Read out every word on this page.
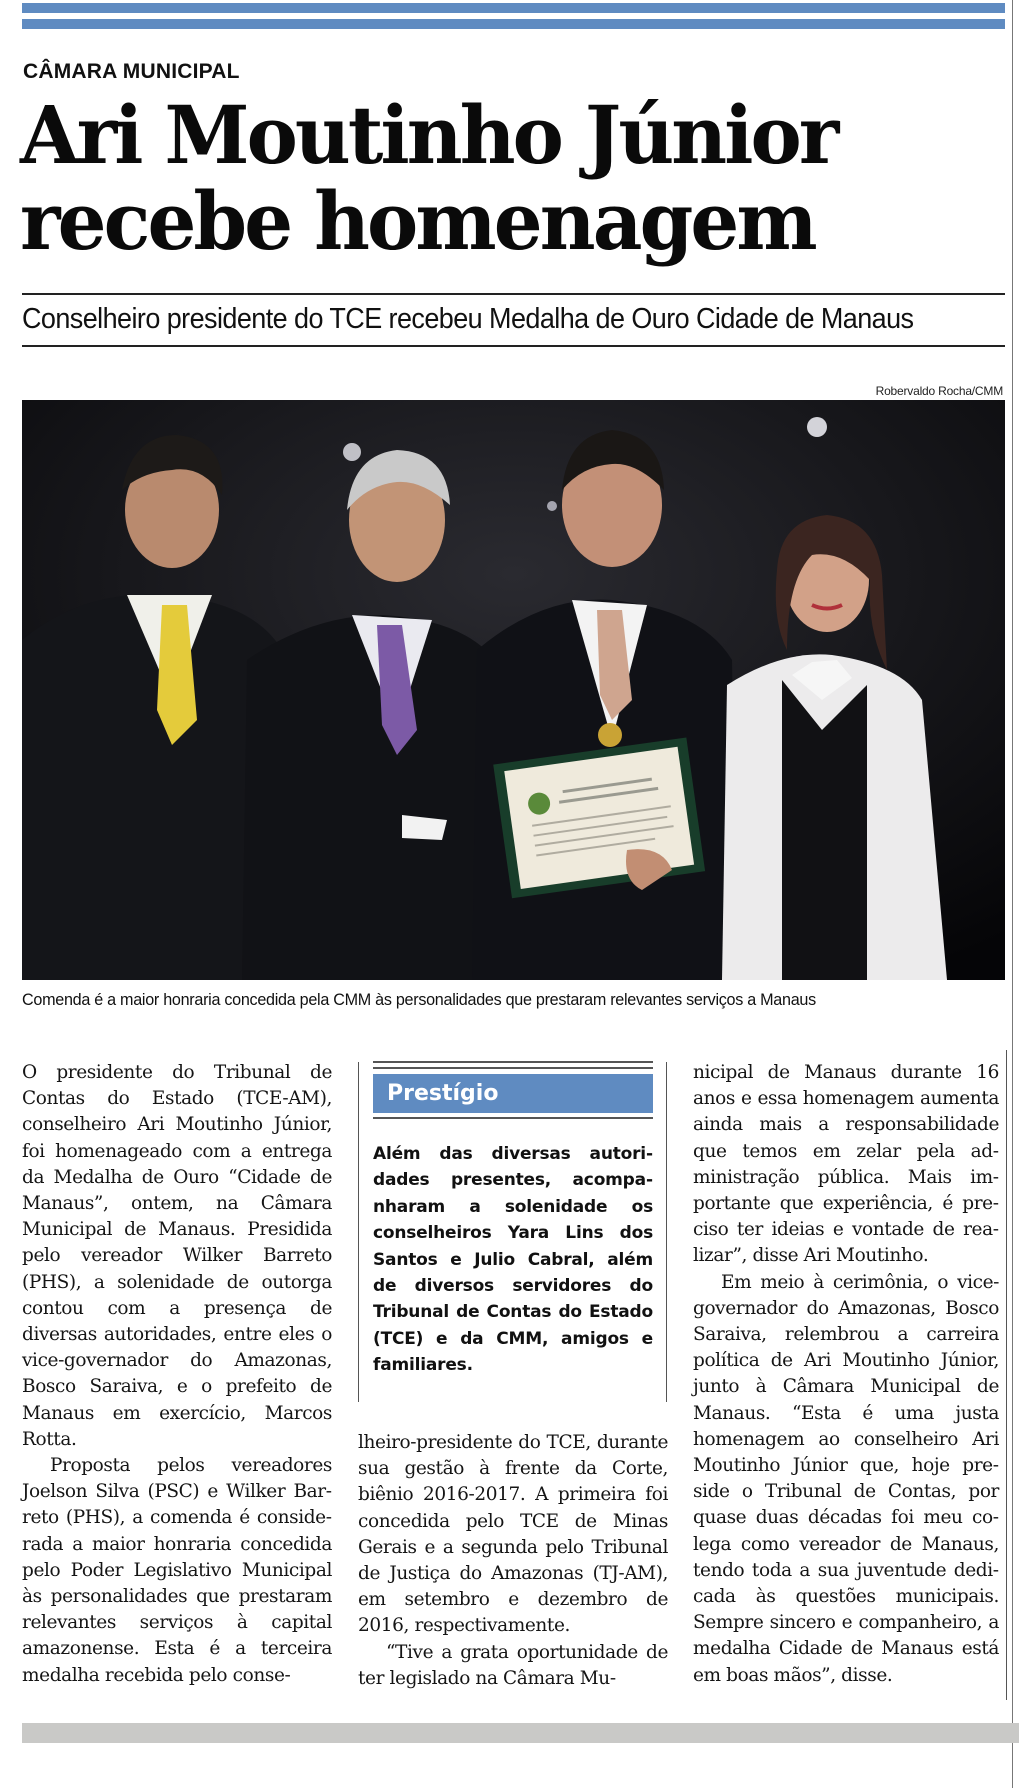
CÂMARA MUNICIPAL
Ari Moutinho Júnior
recebe homenagem
Conselheiro presidente do TCE recebeu Medalha de Ouro Cidade de Manaus
Robervaldo Rocha/CMM
Comenda é a maior honraria concedida pela CMM às personalidades que prestaram relevantes serviços a Manaus

O presidente do Tribunal de Contas do Estado (TCE-AM), conselheiro Ari Moutinho Júnior, foi homenageado com a entrega da Medalha de Ouro “Cidade de Manaus”, ontem, na Câmara Municipal de Manaus. Presidida pelo vereador Wilker Barreto (PHS), a solenidade de outorga contou com a presença de diversas autoridades, entre eles o vice-governador do Amazonas, Bosco Saraiva, e o prefeito de Manaus em exercício, Marcos Rotta.

Proposta pelos vereadores Joelson Silva (PSC) e Wilker Barreto (PHS), a comenda é considerada a maior honraria concedida pelo Poder Legislativo Municipal às personalidades que prestaram relevantes serviços à capital amazonense. Esta é a terceira medalha recebida pelo conse-

Prestígio
Além das diversas autoridades presentes, acompanharam a solenidade os conselheiros Yara Lins dos Santos e Julio Cabral, além de diversos servidores do Tribunal de Contas do Estado (TCE) e da CMM, amigos e familiares.

lheiro-presidente do TCE, durante sua gestão à frente da Corte, biênio 2016-2017. A primeira foi concedida pelo TCE de Minas Gerais e a segunda pelo Tribunal de Justiça do Amazonas (TJ-AM), em setembro e dezembro de 2016, respectivamente.

“Tive a grata oportunidade de ter legislado na Câmara Mu-

nicipal de Manaus durante 16 anos e essa homenagem aumenta ainda mais a responsabilidade que temos em zelar pela administração pública. Mais importante que experiência, é preciso ter ideias e vontade de realizar”, disse Ari Moutinho.

Em meio à cerimônia, o vice-governador do Amazonas, Bosco Saraiva, relembrou a carreira política de Ari Moutinho Júnior, junto à Câmara Municipal de Manaus. “Esta é uma justa homenagem ao conselheiro Ari Moutinho Júnior que, hoje preside o Tribunal de Contas, por quase duas décadas foi meu colega como vereador de Manaus, tendo toda a sua juventude dedicada às questões municipais. Sempre sincero e companheiro, a medalha Cidade de Manaus está em boas mãos”, disse.
